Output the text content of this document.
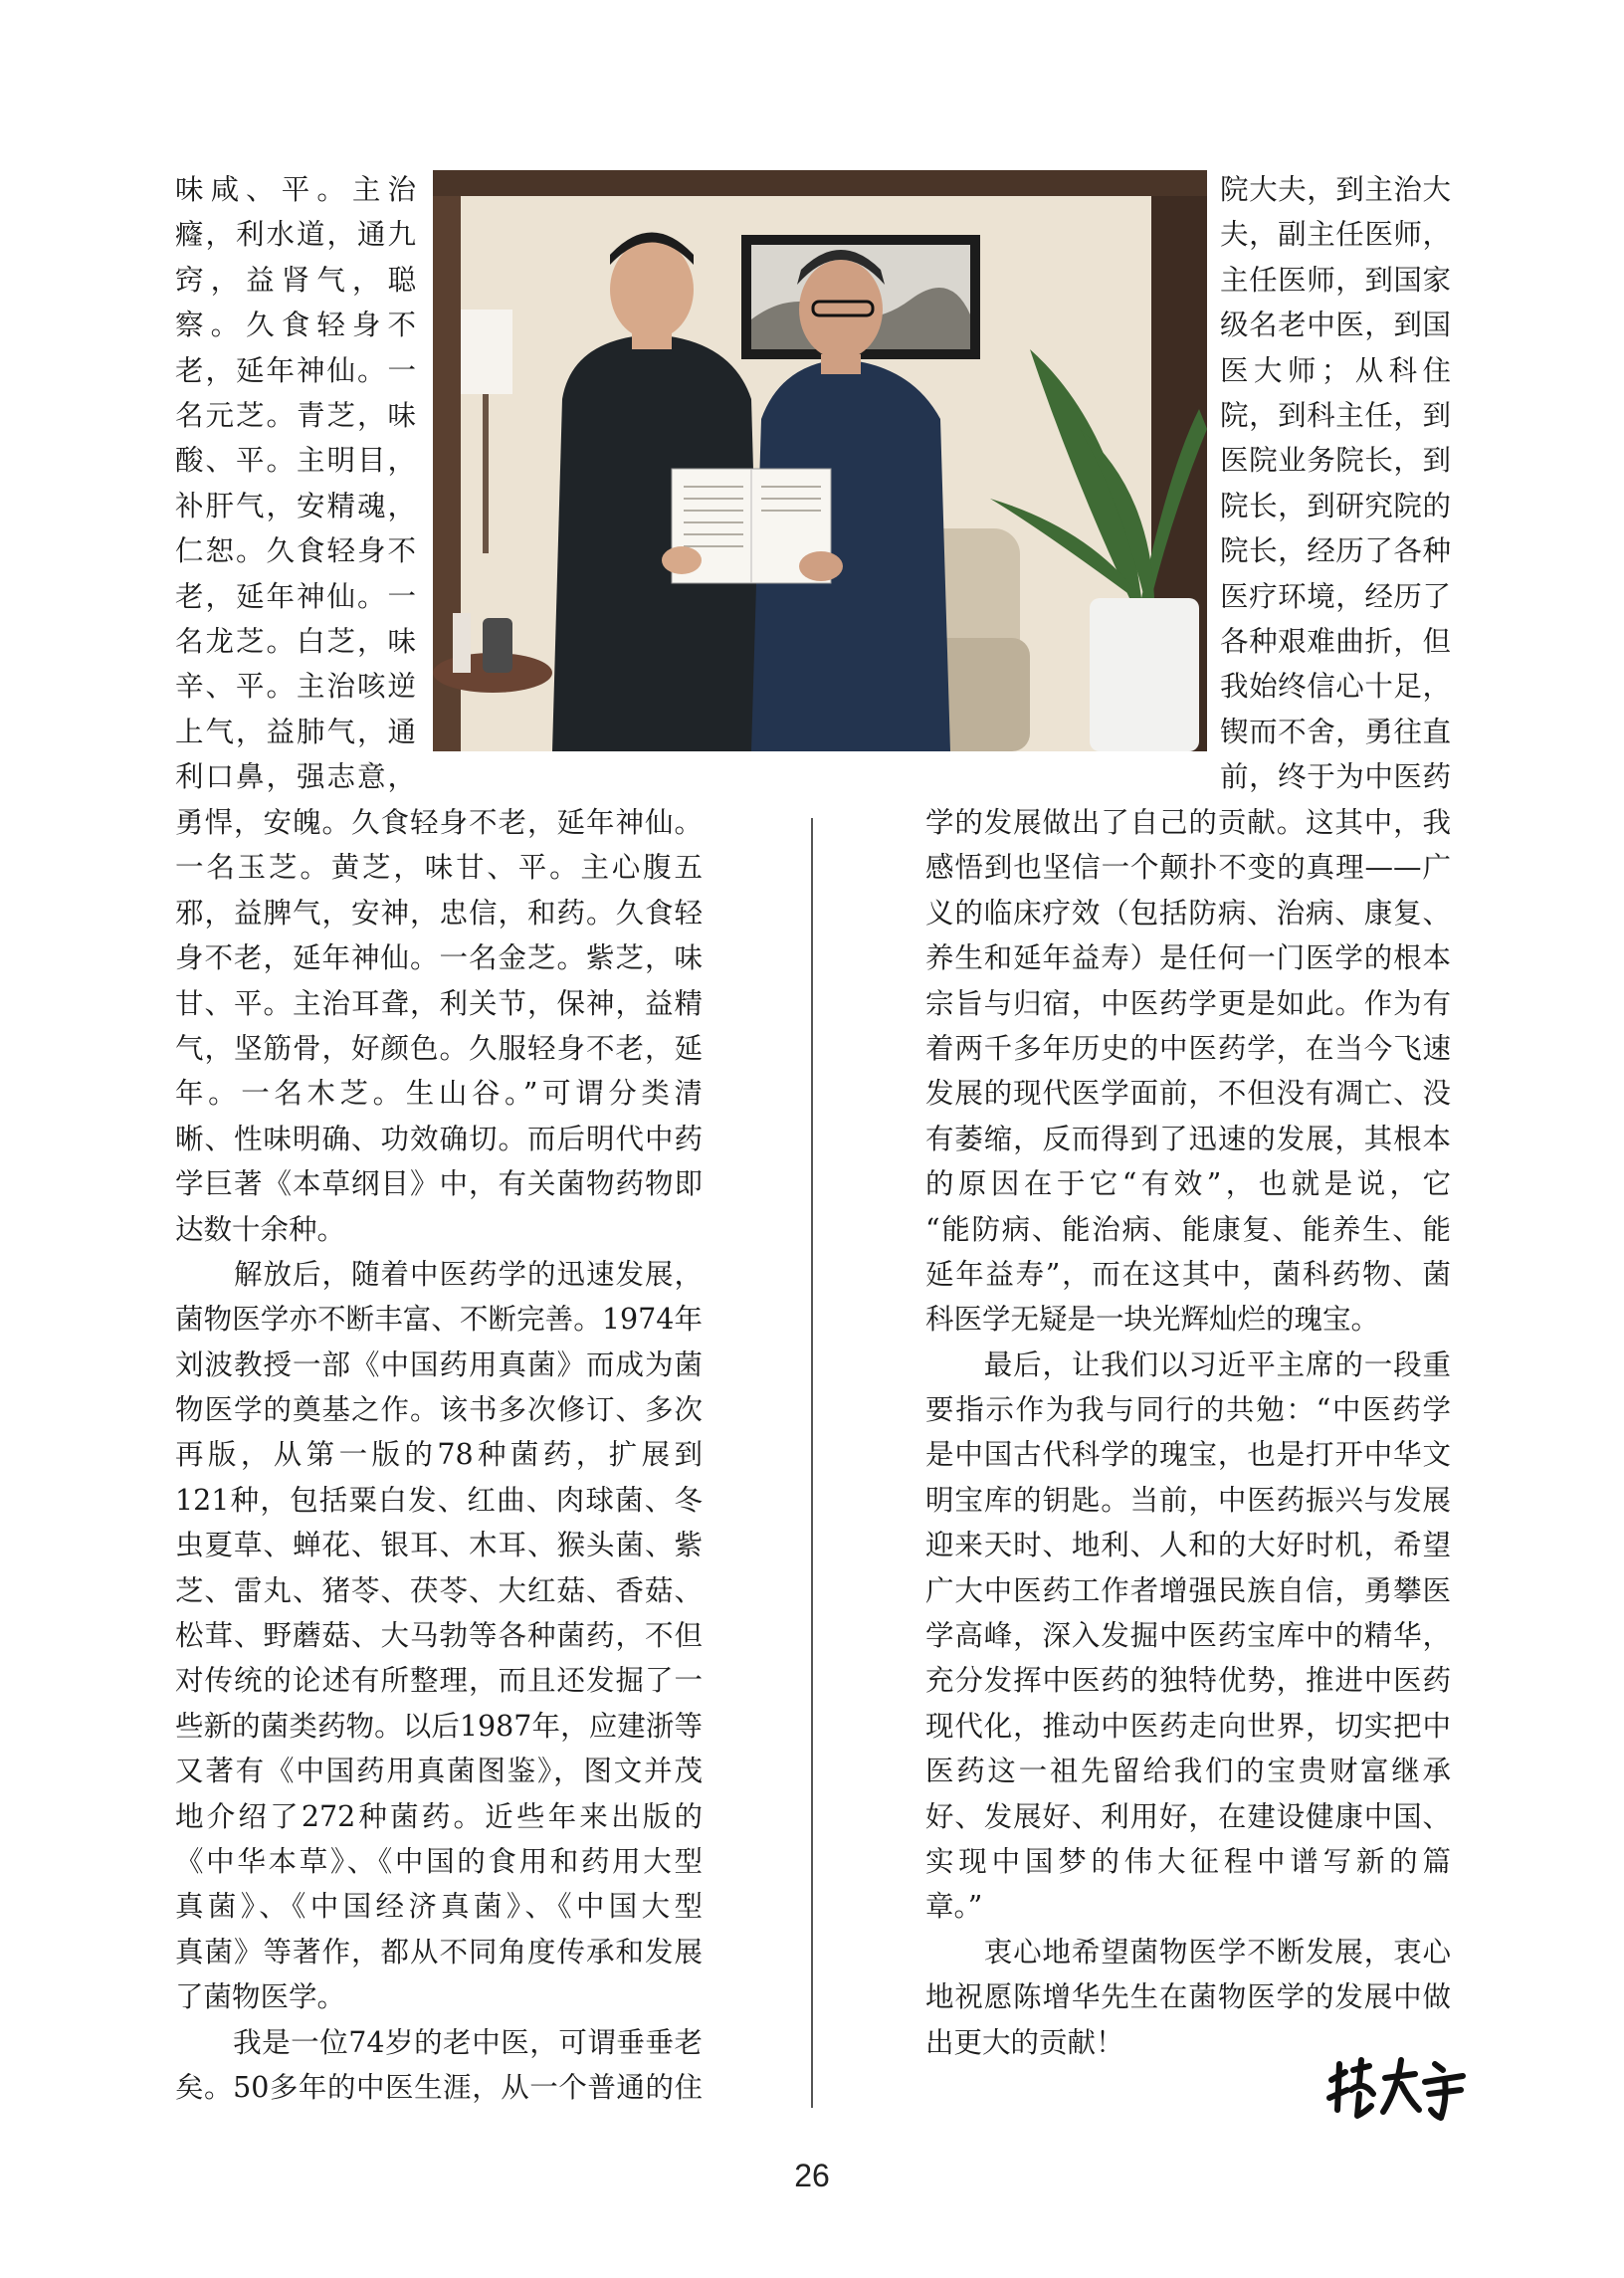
味咸、平。主治
癃，利水道，通九
窍，益肾气，聪
察。久食轻身不
老，延年神仙。一
名元芝。青芝，味
酸、平。主明目，
补肝气，安精魂，
仁恕。久食轻身不
老，延年神仙。一
名龙芝。白芝，味
辛、平。主治咳逆
上气，益肺气，通
利口鼻，强志意，
院大夫，到主治大
夫，副主任医师，
主任医师，到国家
级名老中医，到国
医大师；从科住
院，到科主任，到
医院业务院长，到
院长，到研究院的
院长，经历了各种
医疗环境，经历了
各种艰难曲折，但
我始终信心十足，
锲而不舍，勇往直
前，终于为中医药
勇悍，安魄。久食轻身不老，延年神仙。
一名玉芝。黄芝，味甘、平。主心腹五
邪，益脾气，安神，忠信，和药。久食轻
身不老，延年神仙。一名金芝。紫芝，味
甘、平。主治耳聋，利关节，保神，益精
气，坚筋骨，好颜色。久服轻身不老，延
年。一名木芝。生山谷。”可谓分类清
晰、性味明确、功效确切。而后明代中药
学巨著《本草纲目》中，有关菌物药物即
达数十余种。
　　解放后，随着中医药学的迅速发展，
菌物医学亦不断丰富、不断完善。1974年
刘波教授一部《中国药用真菌》而成为菌
物医学的奠基之作。该书多次修订、多次
再版，从第一版的78种菌药，扩展到
121种，包括粟白发、红曲、肉球菌、冬
虫夏草、蝉花、银耳、木耳、猴头菌、紫
芝、雷丸、猪苓、茯苓、大红菇、香菇、
松茸、野蘑菇、大马勃等各种菌药，不但
对传统的论述有所整理，而且还发掘了一
些新的菌类药物。以后1987年，应建浙等
又著有《中国药用真菌图鉴》，图文并茂
地介绍了272种菌药。近些年来出版的
《中华本草》、《中国的食用和药用大型
真菌》、《中国经济真菌》、《中国大型
真菌》等著作，都从不同角度传承和发展
了菌物医学。
　　我是一位74岁的老中医，可谓垂垂老
矣。50多年的中医生涯，从一个普通的住
学的发展做出了自己的贡献。这其中，我
感悟到也坚信一个颠扑不变的真理——广
义的临床疗效（包括防病、治病、康复、
养生和延年益寿）是任何一门医学的根本
宗旨与归宿，中医药学更是如此。作为有
着两千多年历史的中医药学，在当今飞速
发展的现代医学面前，不但没有凋亡、没
有萎缩，反而得到了迅速的发展，其根本
的原因在于它“有效”，也就是说，它
“能防病、能治病、能康复、能养生、能
延年益寿”，而在这其中，菌科药物、菌
科医学无疑是一块光辉灿烂的瑰宝。
　　最后，让我们以习近平主席的一段重
要指示作为我与同行的共勉：“中医药学
是中国古代科学的瑰宝，也是打开中华文
明宝库的钥匙。当前，中医药振兴与发展
迎来天时、地利、人和的大好时机，希望
广大中医药工作者增强民族自信，勇攀医
学高峰，深入发掘中医药宝库中的精华，
充分发挥中医药的独特优势，推进中医药
现代化，推动中医药走向世界，切实把中
医药这一祖先留给我们的宝贵财富继承
好、发展好、利用好，在建设健康中国、
实现中国梦的伟大征程中谱写新的篇
章。”
　　衷心地希望菌物医学不断发展，衷心
地祝愿陈增华先生在菌物医学的发展中做
出更大的贡献！
26
